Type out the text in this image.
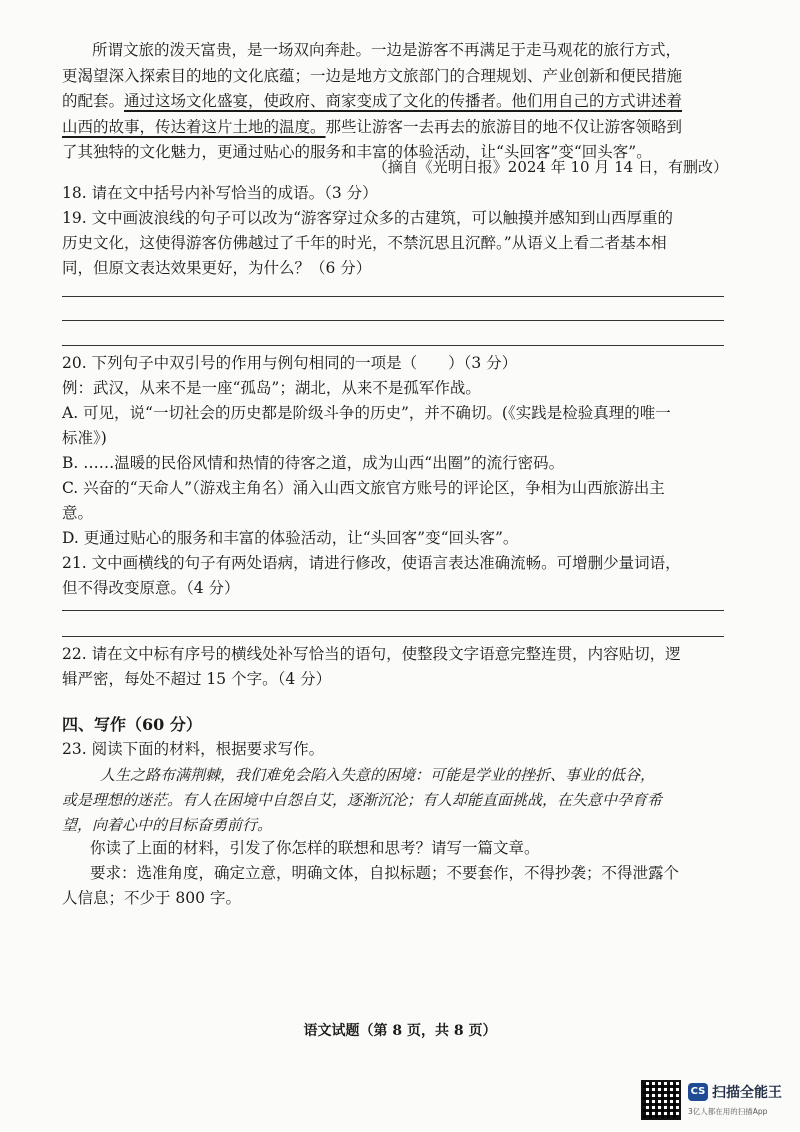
所谓文旅的泼天富贵，是一场双向奔赴。一边是游客不再满足于走马观花的旅行方式，
更渴望深入探索目的地的文化底蕴；一边是地方文旅部门的合理规划、产业创新和便民措施
的配套。通过这场文化盛宴，使政府、商家变成了文化的传播者。他们用自己的方式讲述着
山西的故事，传达着这片土地的温度。那些让游客一去再去的旅游目的地不仅让游客领略到
了其独特的文化魅力，更通过贴心的服务和丰富的体验活动，让“头回客”变“回头客”。
（摘自《光明日报》2024 年 10 月 14 日，有删改）
18. 请在文中括号内补写恰当的成语。（3 分）
19. 文中画波浪线的句子可以改为“游客穿过众多的古建筑，可以触摸并感知到山西厚重的
历史文化，这使得游客仿佛越过了千年的时光，不禁沉思且沉醉。”从语义上看二者基本相
同，但原文表达效果更好，为什么？（6 分）
20. 下列句子中双引号的作用与例句相同的一项是（　　）（3 分）
例：武汉，从来不是一座“孤岛”；湖北，从来不是孤军作战。
A. 可见，说“一切社会的历史都是阶级斗争的历史”，并不确切。(《实践是检验真理的唯一
标准》)
B. ……温暖的民俗风情和热情的待客之道，成为山西“出圈”的流行密码。
C. 兴奋的“天命人”（游戏主角名）涌入山西文旅官方账号的评论区，争相为山西旅游出主
意。
D. 更通过贴心的服务和丰富的体验活动，让“头回客”变“回头客”。
21. 文中画横线的句子有两处语病，请进行修改，使语言表达准确流畅。可增删少量词语，
但不得改变原意。（4 分）
22. 请在文中标有序号的横线处补写恰当的语句，使整段文字语意完整连贯，内容贴切，逻
辑严密，每处不超过 15 个字。（4 分）
四、写作（60 分）
23. 阅读下面的材料，根据要求写作。
人生之路布满荆棘，我们难免会陷入失意的困境：可能是学业的挫折、事业的低谷，
或是理想的迷茫。有人在困境中自怨自艾，逐渐沉沦；有人却能直面挑战，在失意中孕育希
望，向着心中的目标奋勇前行。
你读了上面的材料，引发了你怎样的联想和思考？请写一篇文章。
要求：选准角度，确定立意，明确文体，自拟标题；不要套作，不得抄袭；不得泄露个
人信息；不少于 800 字。
语文试题（第 8 页，共 8 页）
CS 扫描全能王
3亿人都在用的扫描App
